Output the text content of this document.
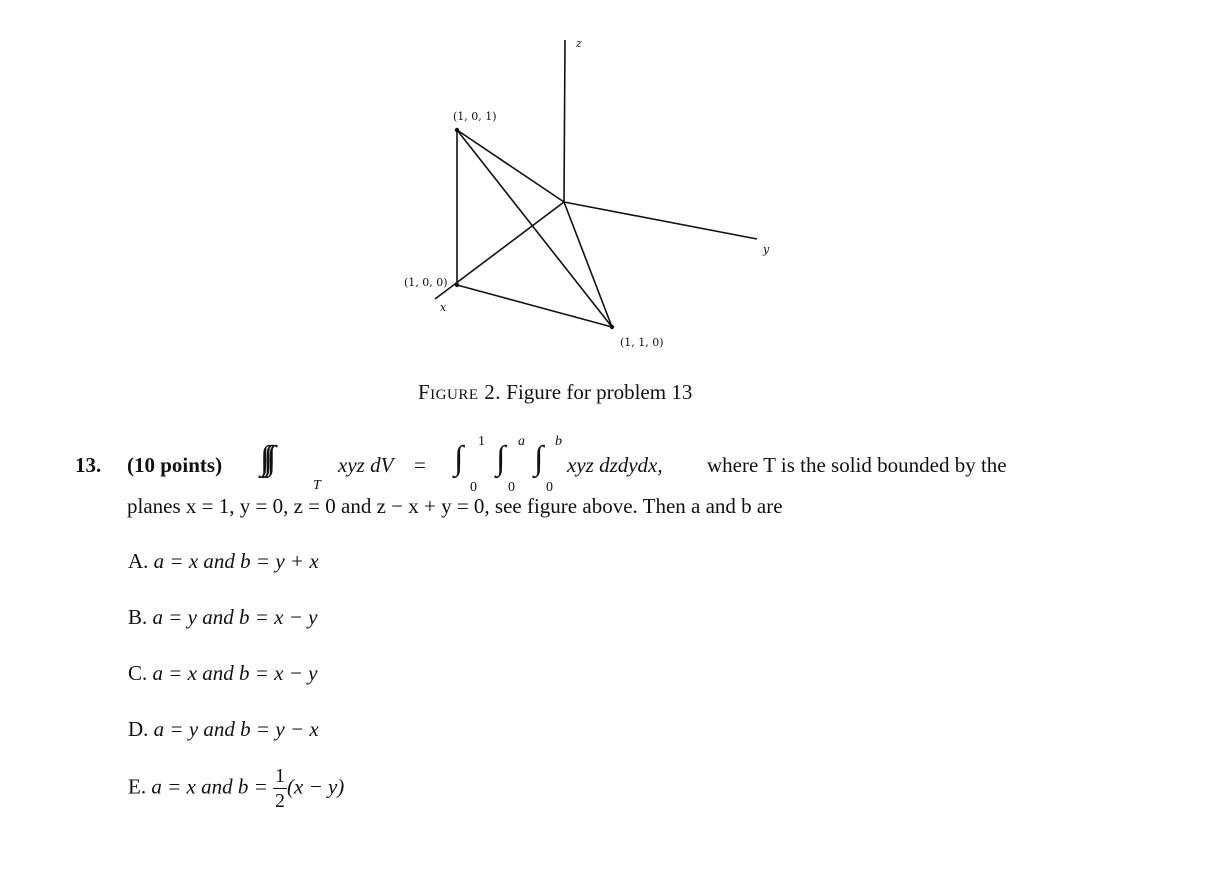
z
y
x
(1, 0, 1)
(1, 0, 0)
(1, 1, 0)
Figure 2. Figure for problem 13
13. (10 points) ∫∫∫
T
xyz dV = ∫ 1
0
∫ a
0
∫ b
0
xyz dzdydx, where T is the solid bounded by the
planes x = 1, y = 0, z = 0 and z − x + y = 0, see figure above. Then a and b are
A. a = x and b = y + x
B. a = y and b = x − y
C. a = x and b = x − y
D. a = y and b = y − x
E. a = x and $b = \frac{1}{2} (x - y)$
